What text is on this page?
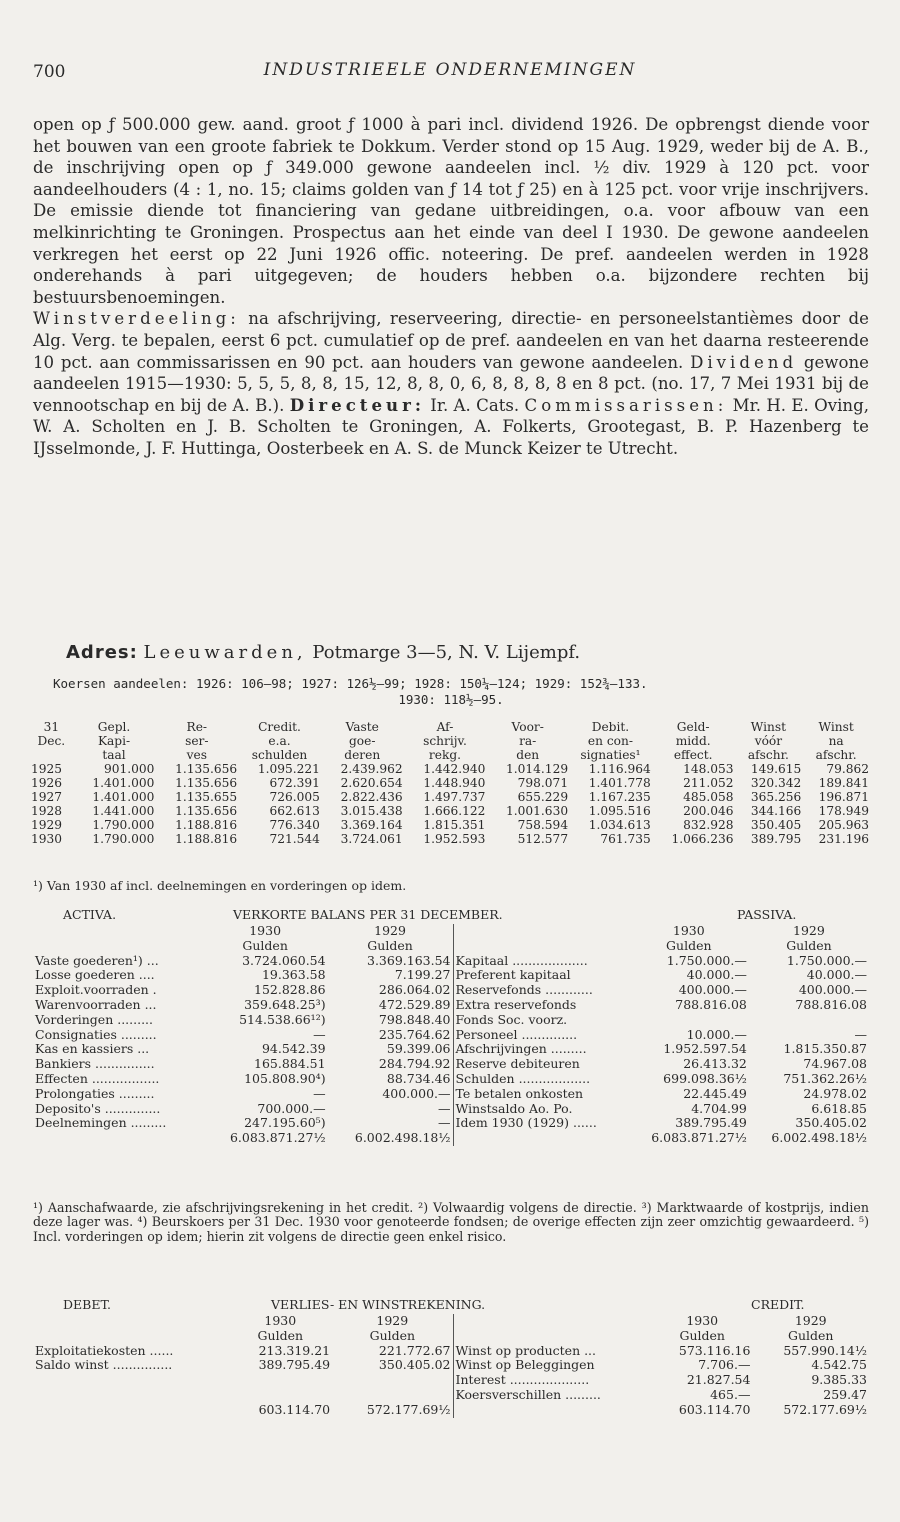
700	INDUSTRIEELE ONDERNEMINGEN

open op ƒ 500.000 gew. aand. groot ƒ 1000 à pari incl. dividend 1926. De opbrengst diende voor het bouwen van een groote fabriek te Dokkum. Verder stond op 15 Aug. 1929, weder bij de A. B., de inschrijving open op ƒ 349.000 gewone aandeelen incl. ½ div. 1929 à 120 pct. voor aandeelhouders (4 : 1, no. 15; claims golden van ƒ 14 tot ƒ 25) en à 125 pct. voor vrije inschrijvers. De emissie diende tot financiering van gedane uitbreidingen, o.a. voor afbouw van een melkinrichting te Groningen. Prospectus aan het einde van deel I 1930. De gewone aandeelen verkregen het eerst op 22 Juni 1926 offic. noteering. De pref. aandeelen werden in 1928 onderehands à pari uitgegeven; de houders hebben o.a. bijzondere rechten bij bestuursbenoemingen.

Winstverdeeling: na afschrijving, reserveering, directie- en personeelstantièmes door de Alg. Verg. te bepalen, eerst 6 pct. cumulatief op de pref. aandeelen en van het daarna resteerende 10 pct. aan commissarissen en 90 pct. aan houders van gewone aandeelen. Dividend gewone aandeelen 1915—1930: 5, 5, 5, 8, 8, 15, 12, 8, 8, 0, 6, 8, 8, 8, 8 en 8 pct. (no. 17, 7 Mei 1931 bij de vennootschap en bij de A. B.). Directeur: Ir. A. Cats. Commissarissen: Mr. H. E. Oving, W. A. Scholten en J. B. Scholten te Groningen, A. Folkerts, Grootegast, B. P. Hazenberg te IJsselmonde, J. F. Huttinga, Oosterbeek en A. S. de Munck Keizer te Utrecht.

Adres: Leeuwarden, Potmarge 3—5, N. V. Lijempf.
Koersen aandeelen: 1926: 106—98; 1927: 126½—99; 1928: 150¼—124; 1929: 152¾—133.
1930: 118½—95.
31	Gepl.	Re-	Credit.	Vaste	Af-	Voor-	Debit.	Geld-	Winst	Winst
Dec.	Kapi-	ser-	e.a.	goe-	schrijv.	ra-	en con-	midd.	vóór	na
	taal	ves	schulden	deren	rekg.	den	signaties¹	effect.	afschr.	afschr.
1925	901.000	1.135.656	1.095.221	2.439.962	1.442.940	1.014.129	1.116.964	148.053	149.615	79.862
1926	1.401.000	1.135.656	672.391	2.620.654	1.448.940	798.071	1.401.778	211.052	320.342	189.841
1927	1.401.000	1.135.655	726.005	2.822.436	1.497.737	655.229	1.167.235	485.058	365.256	196.871
1928	1.441.000	1.135.656	662.613	3.015.438	1.666.122	1.001.630	1.095.516	200.046	344.166	178.949
1929	1.790.000	1.188.816	776.340	3.369.164	1.815.351	758.594	1.034.613	832.928	350.405	205.963
1930	1.790.000	1.188.816	721.544	3.724.061	1.952.593	512.577	761.735	1.066.236	389.795	231.196
¹) Van 1930 af incl. deelnemingen en vorderingen op idem.
ACTIVA.	VERKORTE BALANS PER 31 DECEMBER.	PASSIVA.
	1930	1929
	Gulden	Gulden
Vaste goederen¹) ...	3.724.060.54	3.369.163.54
Losse goederen ....	19.363.58	7.199.27
Exploit.voorraden .	152.828.86	286.064.02
Warenvoorraden ...	359.648.25³)	472.529.89
Vorderingen .........	514.538.66¹²)	798.848.40
Consignaties .........	—	235.764.62
Kas en kassiers ...	94.542.39	59.399.06
Bankiers ...............	165.884.51	284.794.92
Effecten .................	105.808.90⁴)	88.734.46
Prolongaties .........	—	400.000.—
Deposito's ..............	700.000.—	—
Deelnemingen .........	247.195.60⁵)	—
	6.083.871.27½	6.002.498.18½
	1930	1929
	Gulden	Gulden
Kapitaal ...................	1.750.000.—	1.750.000.—
Preferent kapitaal	40.000.—	40.000.—
Reservefonds ............	400.000.—	400.000.—
Extra reservefonds	788.816.08	788.816.08
Fonds Soc. voorz.		
Personeel ..............	10.000.—	—
Afschrijvingen .........	1.952.597.54	1.815.350.87
Reserve debiteuren	26.413.32	74.967.08
Schulden ..................	699.098.36½	751.362.26½
Te betalen onkosten	22.445.49	24.978.02
Winstsaldo Ao. Po.	4.704.99	6.618.85
Idem 1930 (1929) ......	389.795.49	350.405.02
	6.083.871.27½	6.002.498.18½
¹) Aanschafwaarde, zie afschrijvingsrekening in het credit. ²) Volwaardig volgens de directie. ³) Marktwaarde of kostprijs, indien deze lager was. ⁴) Beurskoers per 31 Dec. 1930 voor genoteerde fondsen; de overige effecten zijn zeer omzichtig gewaardeerd. ⁵) Incl. vorderingen op idem; hierin zit volgens de directie geen enkel risico.
DEBET.	VERLIES- EN WINSTREKENING.	CREDIT.
	1930	1929
	Gulden	Gulden
Exploitatiekosten ......	213.319.21	221.772.67
Saldo winst ...............	389.795.49	350.405.02

	603.114.70	572.177.69½
	1930	1929
	Gulden	Gulden
Winst op producten ...	573.116.16	557.990.14½
Winst op Beleggingen	7.706.—	4.542.75
Interest ....................	21.827.54	9.385.33
Koersverschillen .........	465.—	259.47
	603.114.70	572.177.69½
